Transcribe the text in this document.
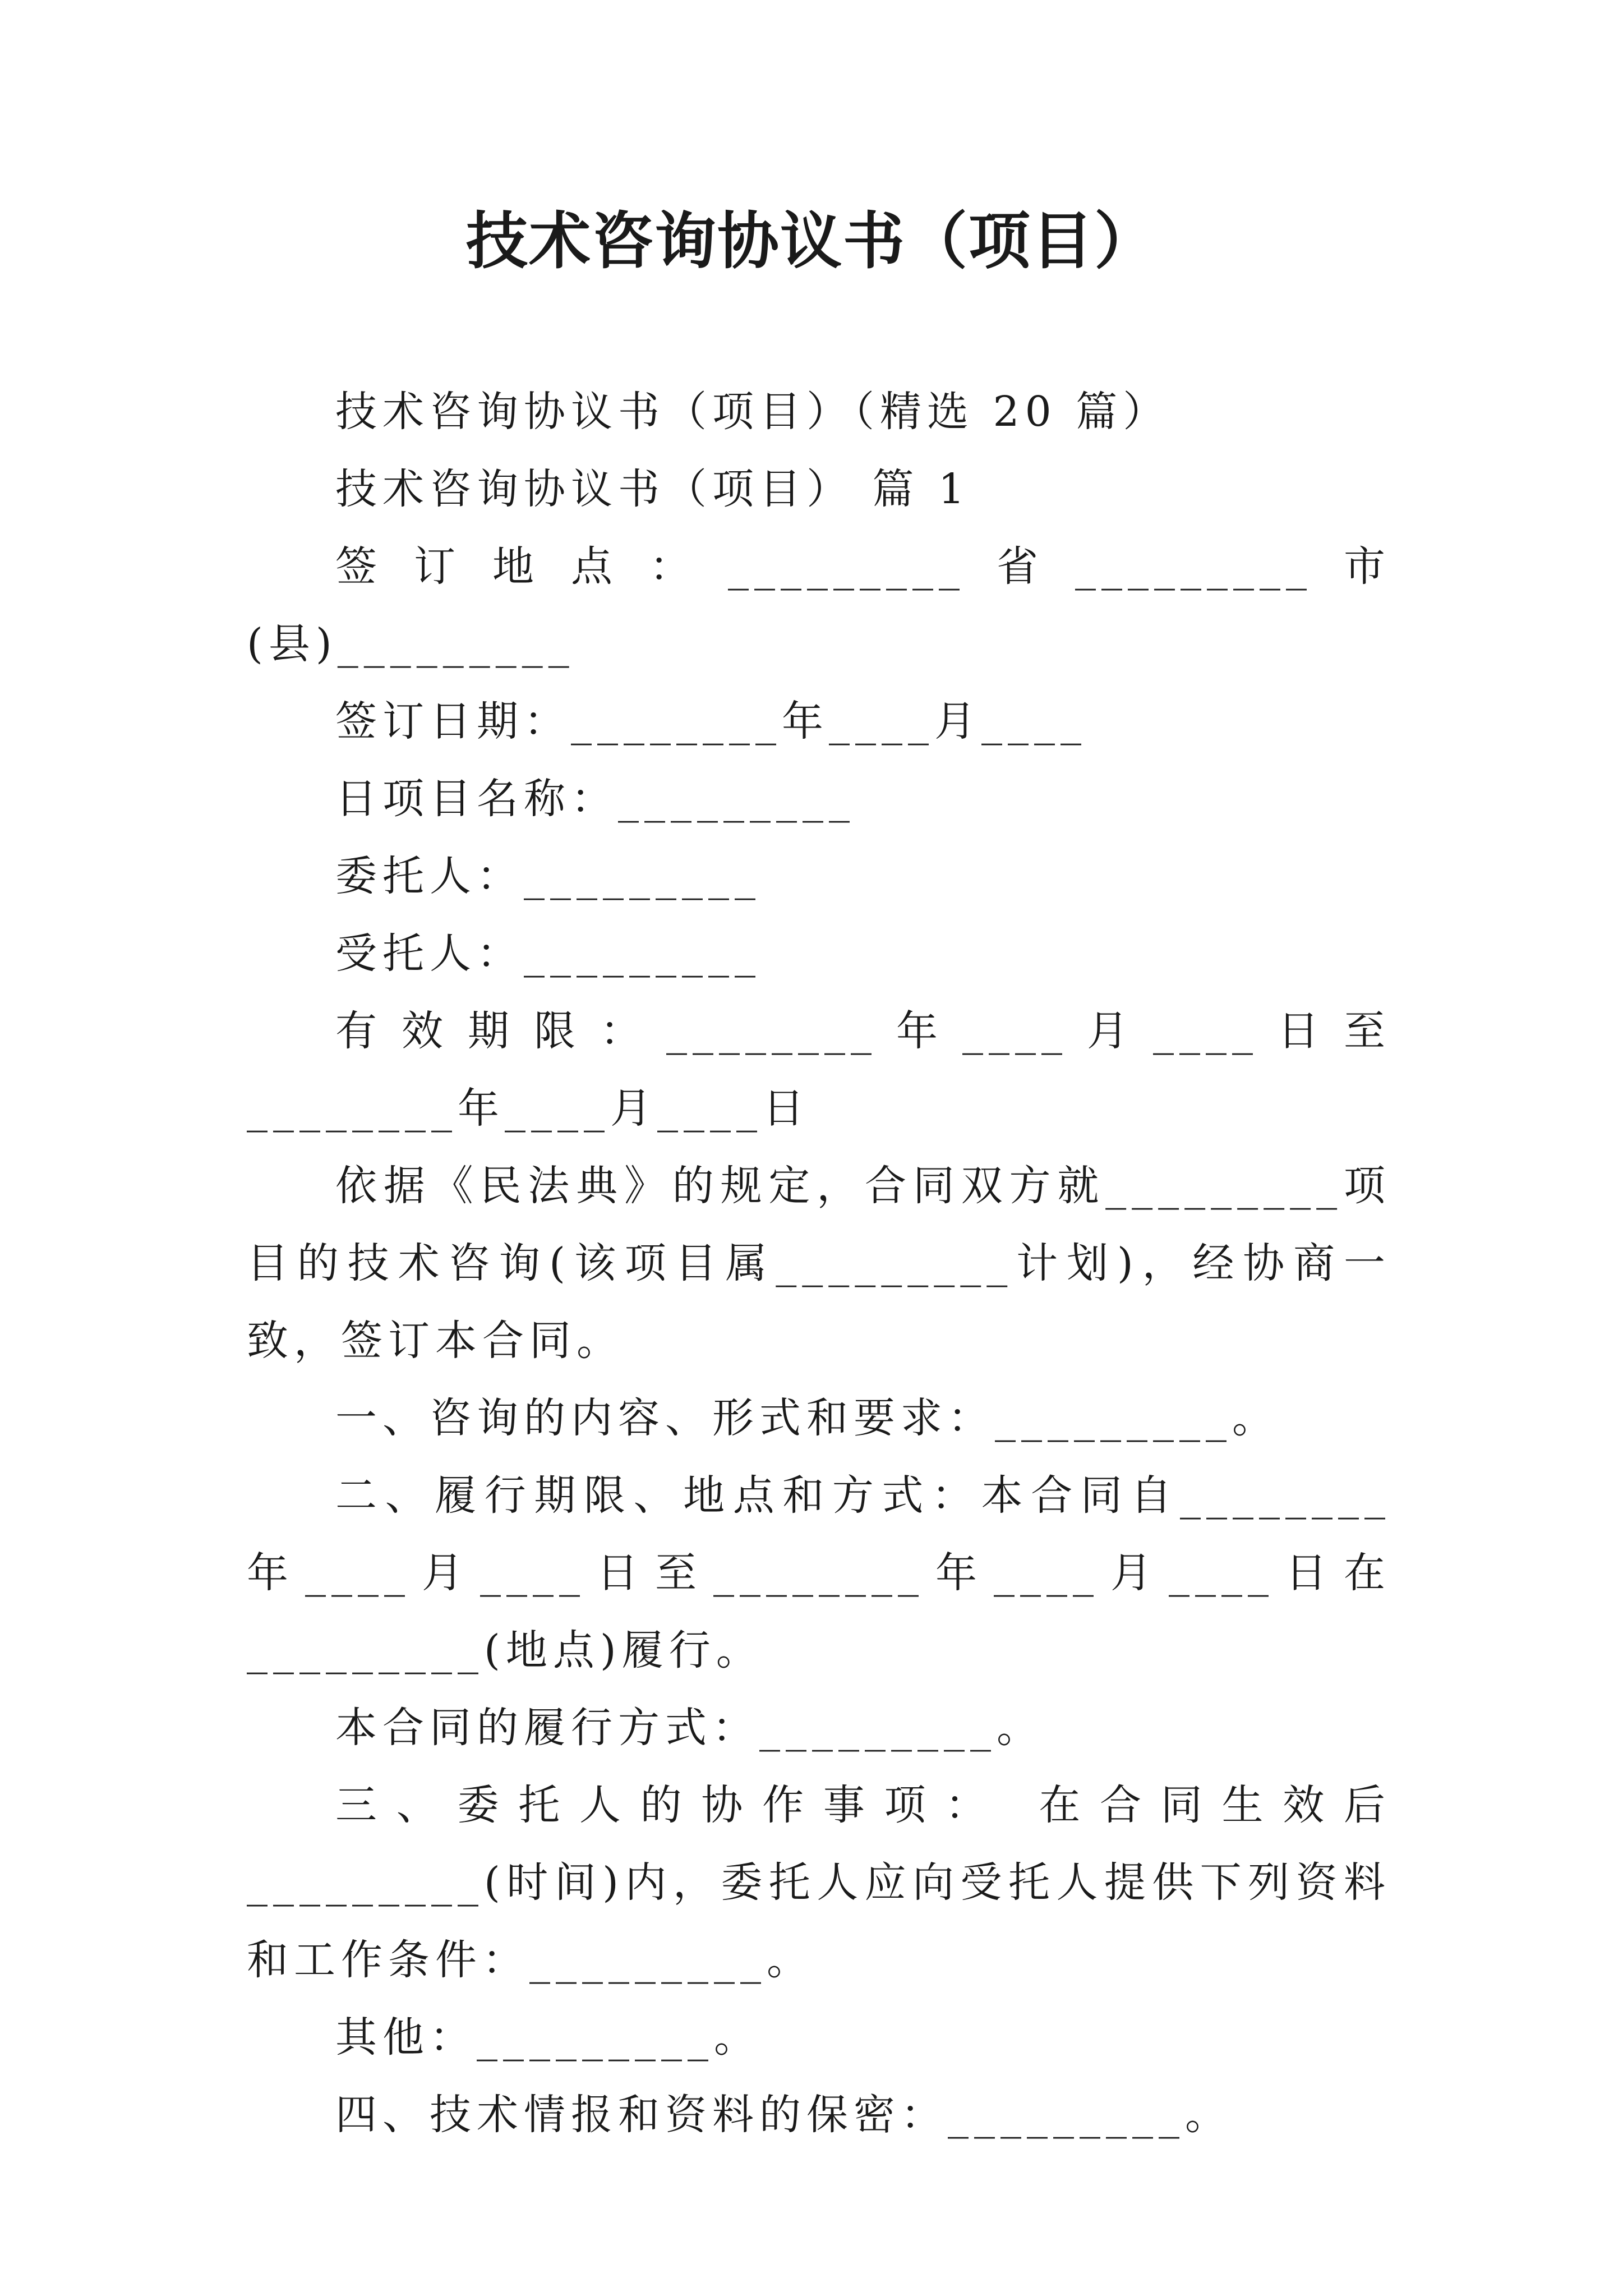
技术咨询协议书（项目）

技术咨询协议书（项目）（精选 20 篇）

技术咨询协议书（项目） 篇 1

签订地点：_________省_________市(县)_________

签订日期：________年____月____

日项目名称：_________

委托人：_________

受托人：_________

有效期限：________年____月____日至________年____月____日

依据《民法典》的规定，合同双方就_________项目的技术咨询(该项目属_________计划)，经协商一致，签订本合同。

一、咨询的内容、形式和要求：_________。

二、履行期限、地点和方式：本合同自________年____月____日至________年____月____日在_________(地点)履行。

本合同的履行方式：_________。

三、委托人的协作事项： 在合同生效后_________(时间)内，委托人应向受托人提供下列资料和工作条件：_________。

其他：_________。

四、技术情报和资料的保密：_________。
